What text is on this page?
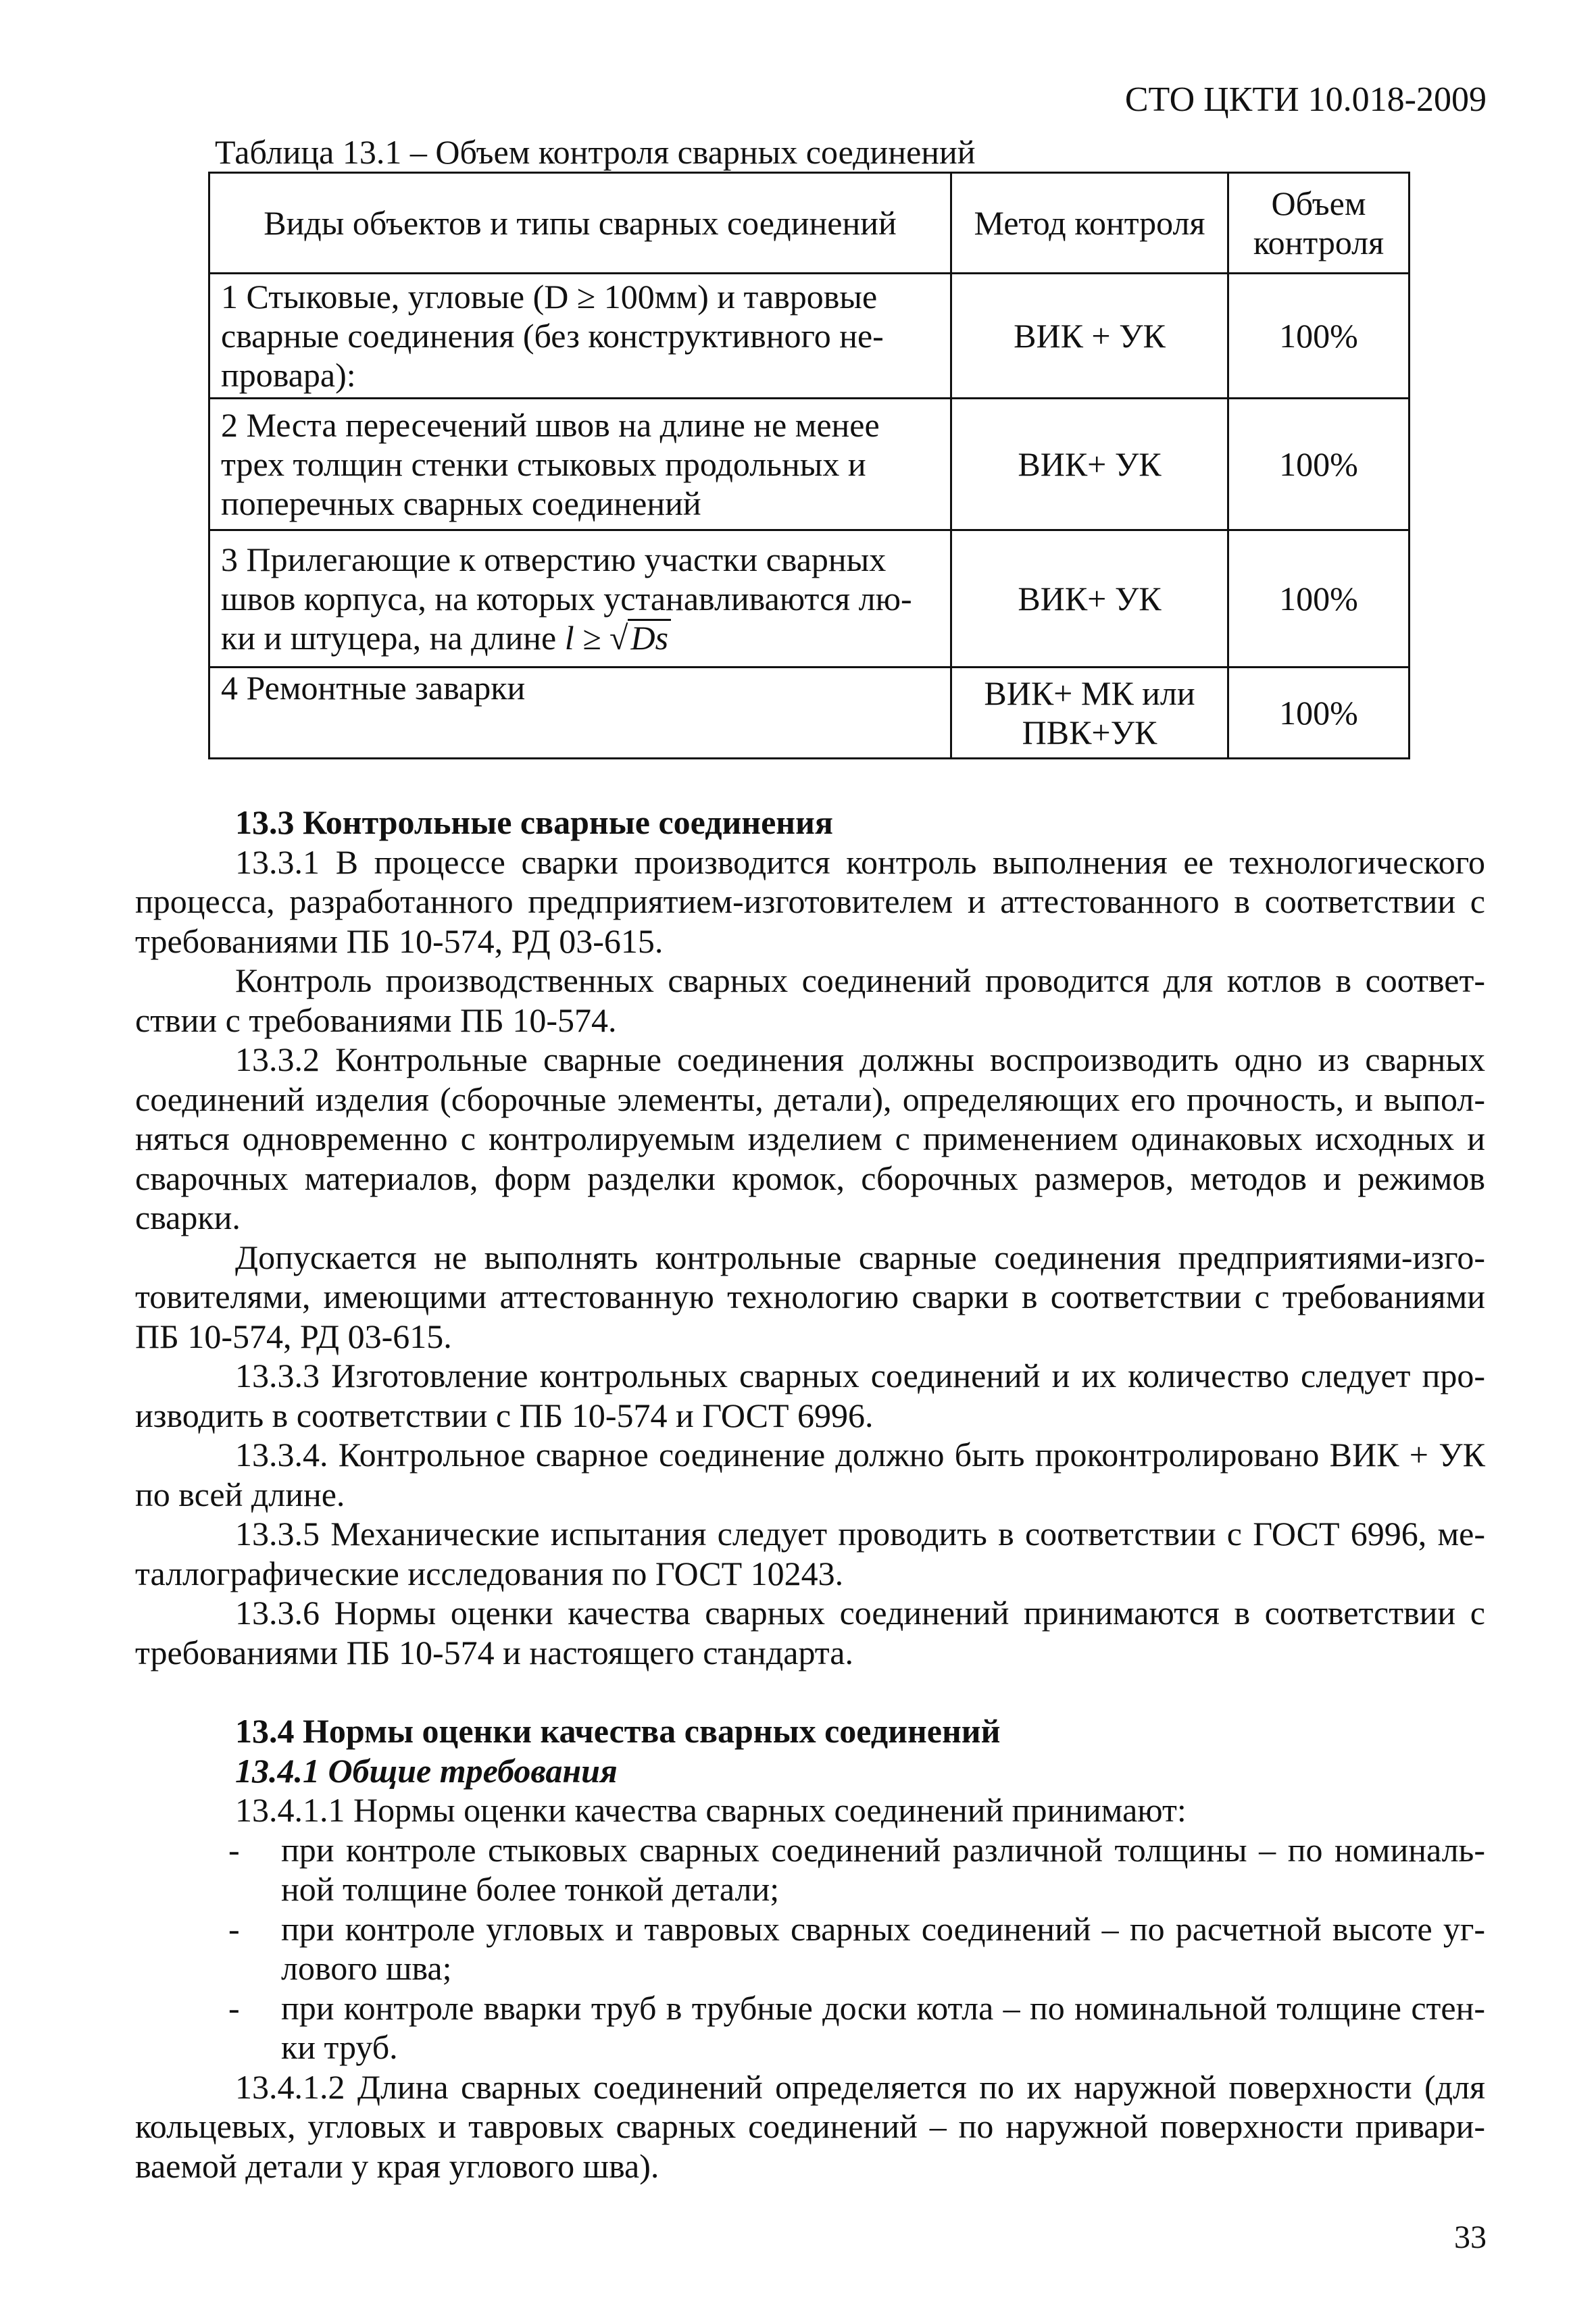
СТО ЦКТИ 10.018-2009
Таблица 13.1 – Объем контроля сварных соединений
Виды объектов и типы сварных соединений	Метод контроля	Объем контроля
1 Стыковые, угловые (D ≥ 100мм) и тавровые сварные соединения (без конструктивного не-провара):	ВИК + УК	100%
2 Места пересечений швов на длине не менее трех толщин стенки стыковых продольных и поперечных сварных соединений	ВИК+ УК	100%
3 Прилегающие к отверстию участки сварных швов корпуса, на которых устанавливаются лю-ки и штуцера, на длине l ≥ √Ds	ВИК+ УК	100%
4 Ремонтные заварки	ВИК+ МК или ПВК+УК	100%
13.3 Контрольные сварные соединения

13.3.1 В процессе сварки производится контроль выполнения ее технологического процесса, разработанного предприятием-изготовителем и аттестованного в соответствии с требованиями ПБ 10-574, РД 03-615.

Контроль производственных сварных соединений проводится для котлов в соответ-ствии с требованиями ПБ 10-574.

13.3.2 Контрольные сварные соединения должны воспроизводить одно из сварных соединений изделия (сборочные элементы, детали), определяющих его прочность, и выпол-няться одновременно с контролируемым изделием с применением одинаковых исходных и сварочных материалов, форм разделки кромок, сборочных размеров, методов и режимов сварки.

Допускается не выполнять контрольные сварные соединения предприятиями-изго-товителями, имеющими аттестованную технологию сварки в соответствии с требованиями ПБ 10-574, РД 03-615.

13.3.3 Изготовление контрольных сварных соединений и их количество следует про-изводить в соответствии с ПБ 10-574 и ГОСТ 6996.

13.3.4. Контрольное сварное соединение должно быть проконтролировано ВИК + УК по всей длине.

13.3.5 Механические испытания следует проводить в соответствии с ГОСТ 6996, ме-таллографические исследования по ГОСТ 10243.

13.3.6 Нормы оценки качества сварных соединений принимаются в соответствии с требованиями ПБ 10-574 и настоящего стандарта.

13.4 Нормы оценки качества сварных соединений
13.4.1 Общие требования

13.4.1.1 Нормы оценки качества сварных соединений принимают:

- при контроле стыковых сварных соединений различной толщины – по номиналь-ной толщине более тонкой детали;
- при контроле угловых и тавровых сварных соединений – по расчетной высоте уг-лового шва;
- при контроле вварки труб в трубные доски котла – по номинальной толщине стен-ки труб.

13.4.1.2 Длина сварных соединений определяется по их наружной поверхности (для кольцевых, угловых и тавровых сварных соединений – по наружной поверхности привари-ваемой детали у края углового шва).

33
